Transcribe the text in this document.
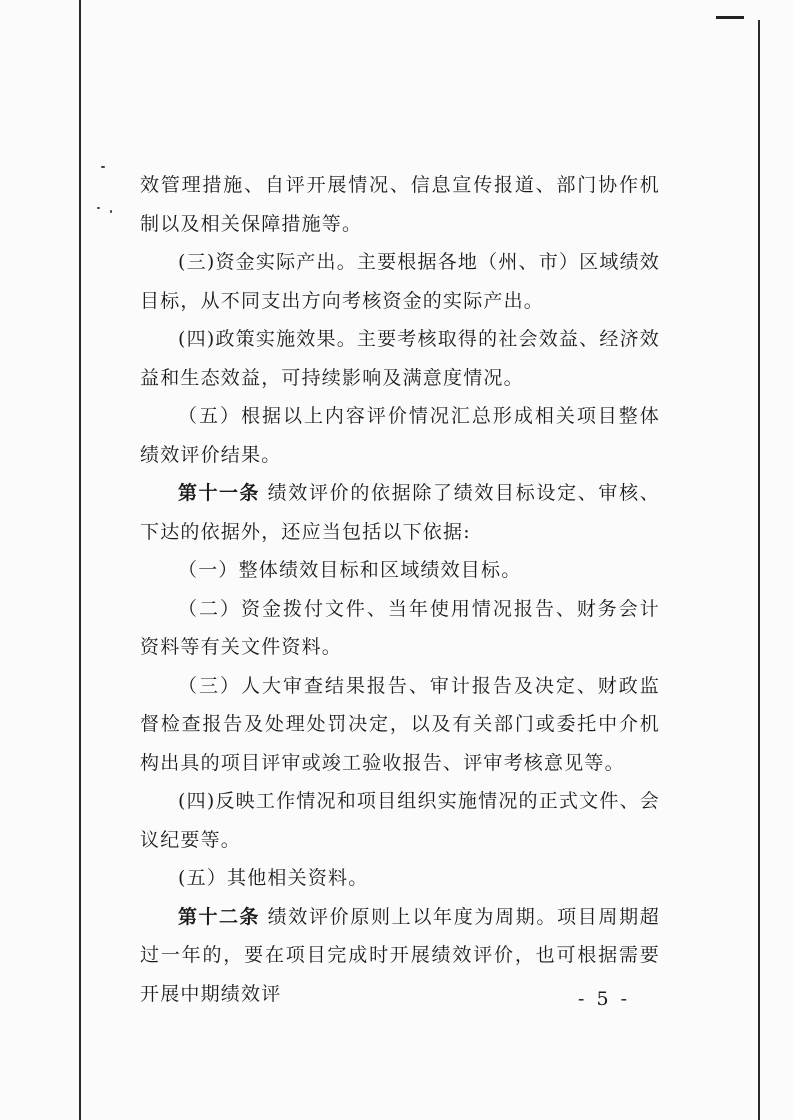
效管理措施、自评开展情况、信息宣传报道、部门协作机制以及相关保障措施等。

(三)资金实际产出。主要根据各地（州、市）区域绩效目标，从不同支出方向考核资金的实际产出。

(四)政策实施效果。主要考核取得的社会效益、经济效益和生态效益，可持续影响及满意度情况。

（五）根据以上内容评价情况汇总形成相关项目整体绩效评价结果。

第十一条 绩效评价的依据除了绩效目标设定、审核、下达的依据外，还应当包括以下依据:

（一）整体绩效目标和区域绩效目标。

（二）资金拨付文件、当年使用情况报告、财务会计资料等有关文件资料。

（三）人大审查结果报告、审计报告及决定、财政监督检查报告及处理处罚决定，以及有关部门或委托中介机构出具的项目评审或竣工验收报告、评审考核意见等。

(四)反映工作情况和项目组织实施情况的正式文件、会议纪要等。

(五）其他相关资料。

第十二条 绩效评价原则上以年度为周期。项目周期超过一年的，要在项目完成时开展绩效评价，也可根据需要开展中期绩效评	- 5 -
